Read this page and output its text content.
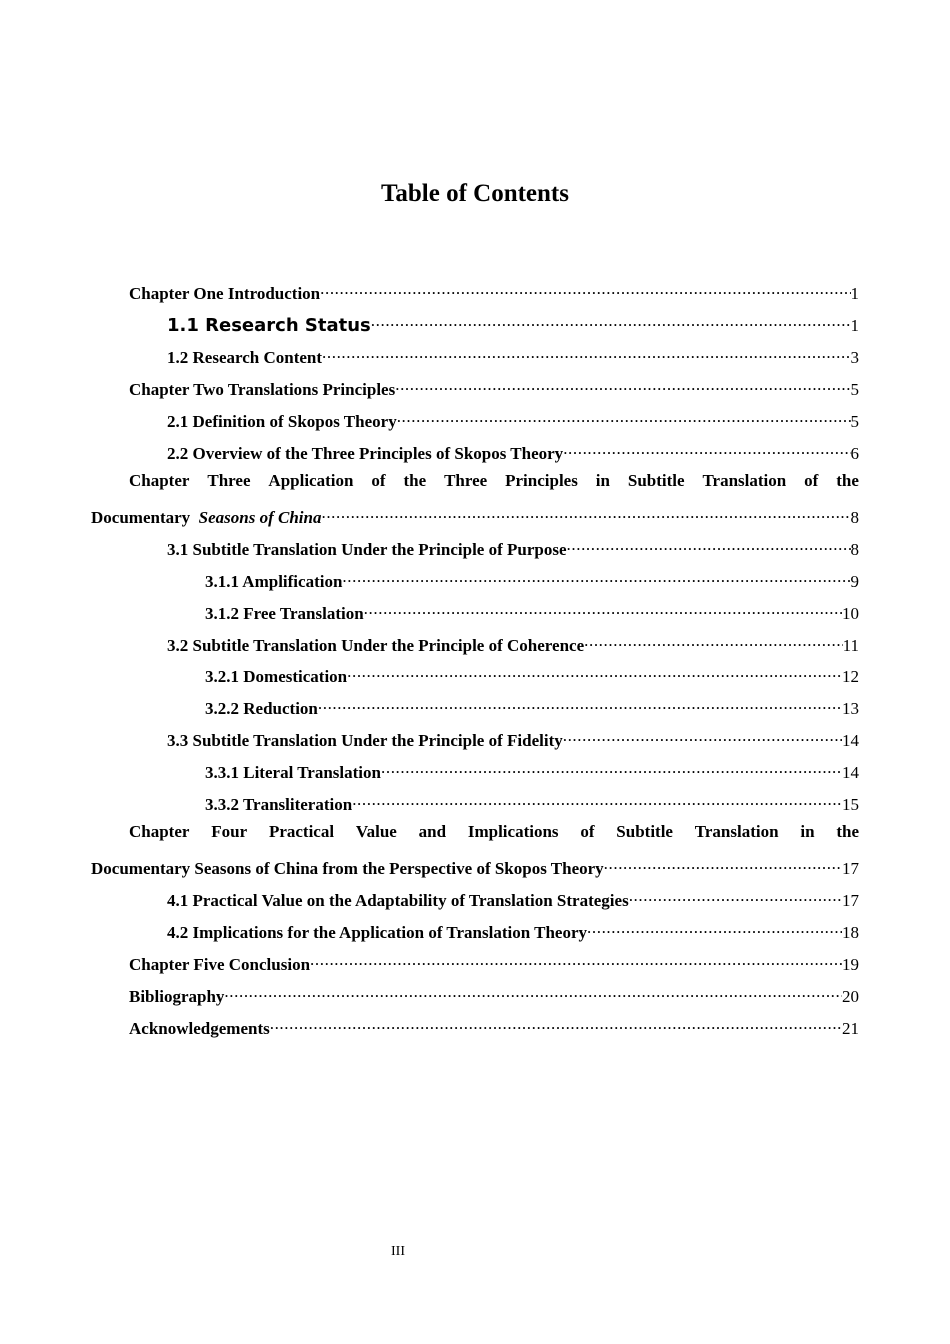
Table of Contents
Chapter One Introduction .....	1
1.1 Research Status .....	1
1.2 Research Content .....	3
Chapter Two Translations Principles .....	5
2.1 Definition of Skopos Theory .....	5
2.2 Overview of the Three Principles of Skopos Theory .....	6
Chapter Three Application of the Three Principles in Subtitle Translation of the
Documentary Seasons of China .....	8
3.1 Subtitle Translation Under the Principle of Purpose .....	8
3.1.1 Amplification .....	9
3.1.2 Free Translation .....	10
3.2 Subtitle Translation Under the Principle of Coherence .....	11
3.2.1 Domestication .....	12
3.2.2 Reduction .....	13
3.3 Subtitle Translation Under the Principle of Fidelity .....	14
3.3.1 Literal Translation .....	14
3.3.2 Transliteration .....	15
Chapter Four Practical Value and Implications of Subtitle Translation in the
Documentary Seasons of China from the Perspective of Skopos Theory .....	17
4.1 Practical Value on the Adaptability of Translation Strategies .....	17
4.2 Implications for the Application of Translation Theory .....	18
Chapter Five Conclusion .....	19
Bibliography .....	20
Acknowledgements .....	21
III
